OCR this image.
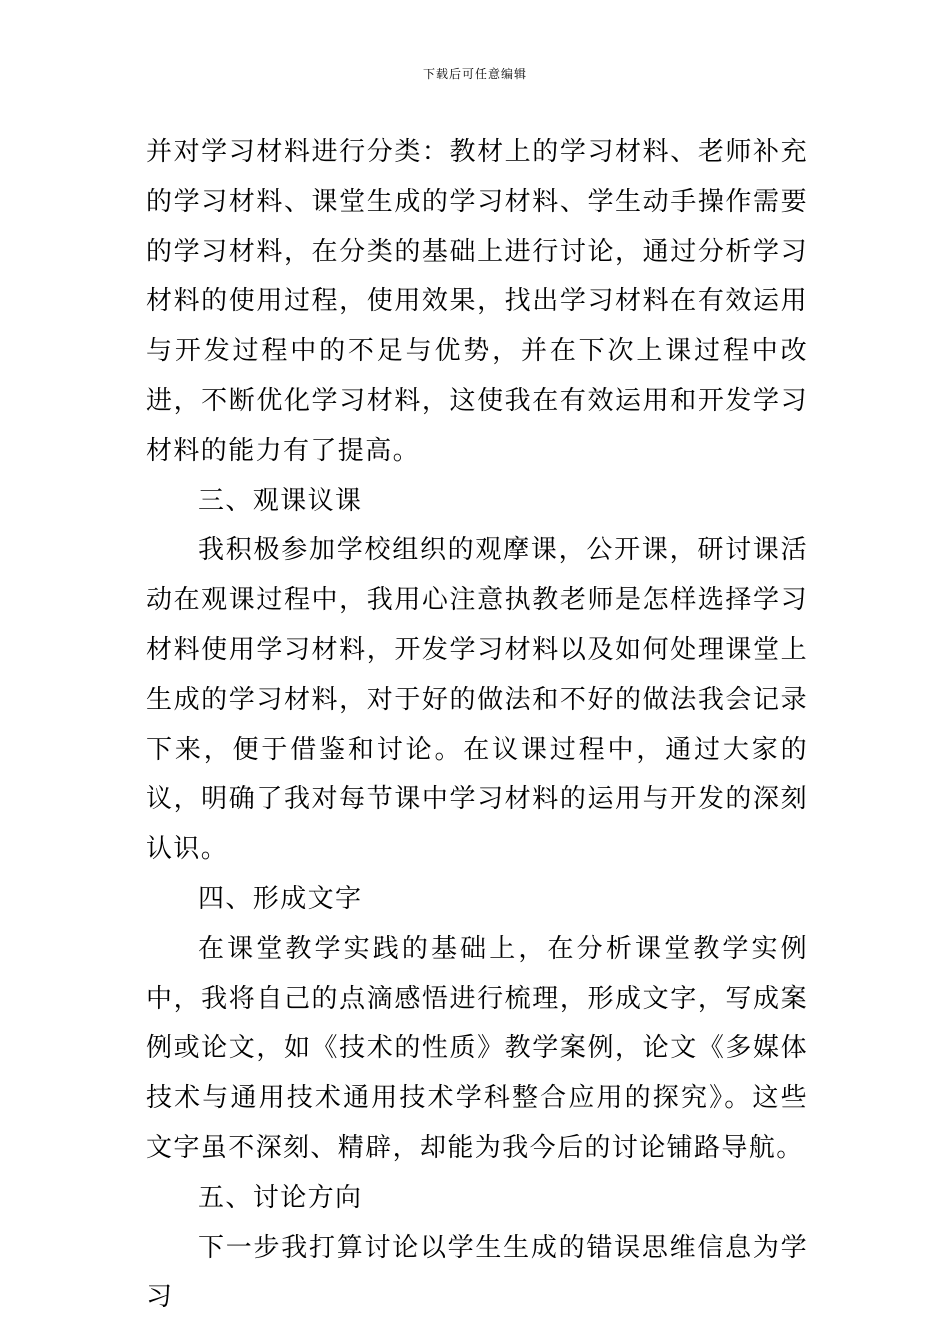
下载后可任意编辑

并对学习材料进行分类：教材上的学习材料、老师补充的学习材料、课堂生成的学习材料、学生动手操作需要的学习材料，在分类的基础上进行讨论，通过分析学习材料的使用过程，使用效果，找出学习材料在有效运用与开发过程中的不足与优势，并在下次上课过程中改进，不断优化学习材料，这使我在有效运用和开发学习材料的能力有了提高。

三、观课议课

我积极参加学校组织的观摩课，公开课，研讨课活动在观课过程中，我用心注意执教老师是怎样选择学习材料使用学习材料，开发学习材料以及如何处理课堂上生成的学习材料，对于好的做法和不好的做法我会记录下来，便于借鉴和讨论。在议课过程中，通过大家的议，明确了我对每节课中学习材料的运用与开发的深刻认识。

四、形成文字

在课堂教学实践的基础上，在分析课堂教学实例中，我将自己的点滴感悟进行梳理，形成文字，写成案例或论文，如《技术的性质》教学案例，论文《多媒体技术与通用技术通用技术学科整合应用的探究》。这些文字虽不深刻、精辟，却能为我今后的讨论铺路导航。

五、讨论方向

下一步我打算讨论以学生生成的错误思维信息为学习
